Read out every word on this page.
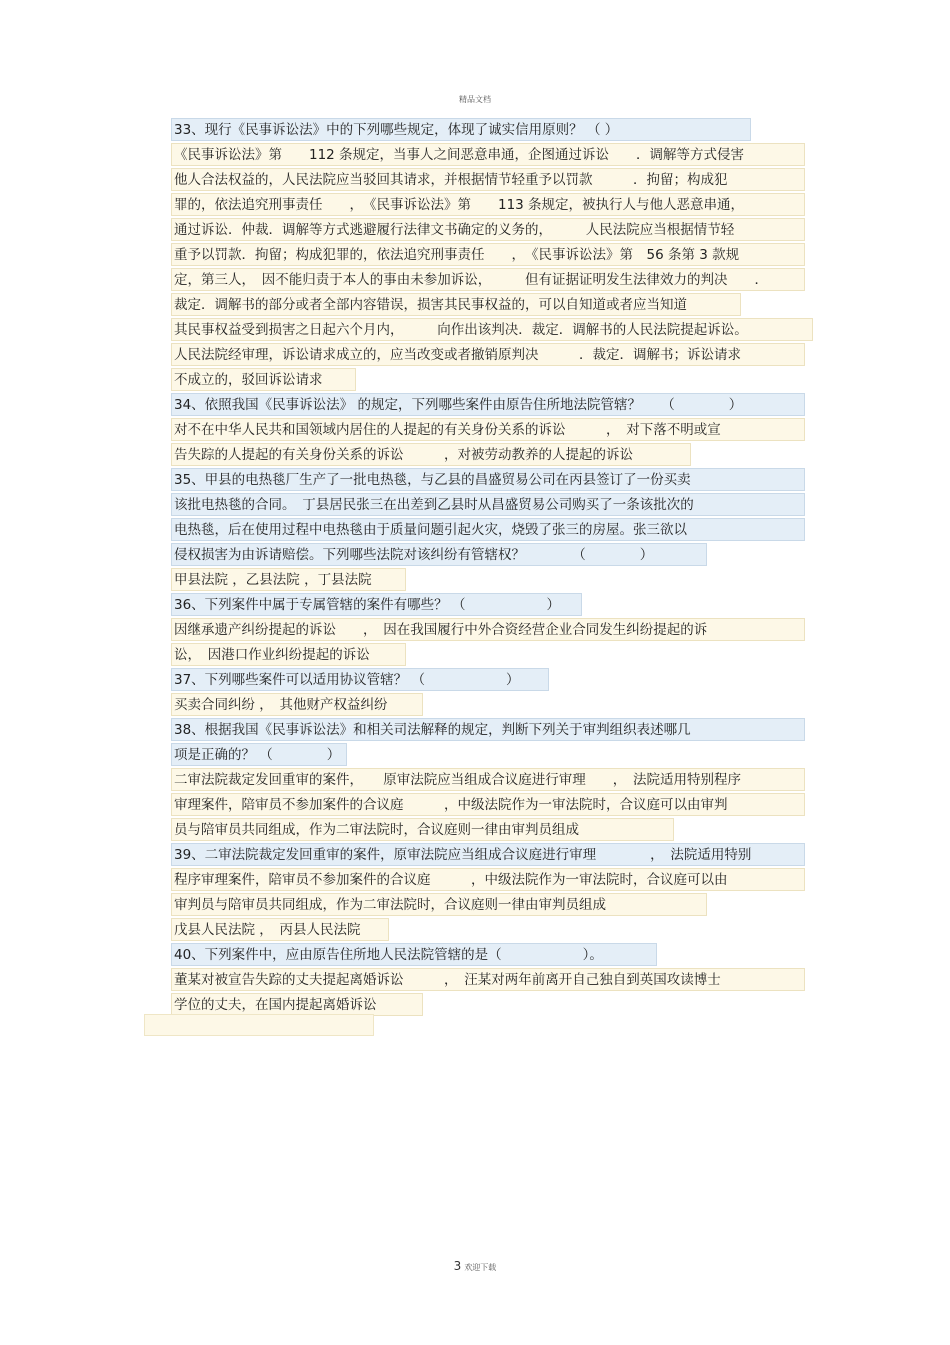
精品文档
33、现行《民事诉讼法》中的下列哪些规定，体现了诚实信用原则？ （ ）
《民事诉讼法》第　　112 条规定，当事人之间恶意串通，企图通过诉讼　　．调解等方式侵害
他人合法权益的，人民法院应当驳回其请求，并根据情节轻重予以罚款　　　．拘留；构成犯
罪的，依法追究刑事责任　　，　《民事诉讼法》第　　113 条规定，被执行人与他人恶意串通，
通过诉讼．仲裁．调解等方式逃避履行法律文书确定的义务的，　　　人民法院应当根据情节轻
重予以罚款．拘留；构成犯罪的，依法追究刑事责任　　，　《民事诉讼法》第　56 条第 3 款规
定，第三人，　因不能归责于本人的事由未参加诉讼，　　　但有证据证明发生法律效力的判决　　．
裁定．调解书的部分或者全部内容错误，损害其民事权益的，可以自知道或者应当知道
其民事权益受到损害之日起六个月内，　　　向作出该判决．裁定．调解书的人民法院提起诉讼。
人民法院经审理，诉讼请求成立的，应当改变或者撤销原判决　　　．裁定．调解书；诉讼请求
不成立的，驳回诉讼请求
34、依照我国《民事诉讼法》 的规定，下列哪些案件由原告住所地法院管辖？　　（　　　　）
对不在中华人民共和国领域内居住的人提起的有关身份关系的诉讼　　　，　对下落不明或宣
告失踪的人提起的有关身份关系的诉讼　　　，对被劳动教养的人提起的诉讼
35、甲县的电热毯厂生产了一批电热毯，与乙县的昌盛贸易公司在丙县签订了一份买卖
该批电热毯的合同。　丁县居民张三在出差到乙县时从昌盛贸易公司购买了一条该批次的
电热毯，后在使用过程中电热毯由于质量问题引起火灾，烧毁了张三的房屋。张三欲以
侵权损害为由诉请赔偿。下列哪些法院对该纠纷有管辖权？　　　　（　　　　）
甲县法院 ，乙县法院 ，丁县法院
36、下列案件中属于专属管辖的案件有哪些？ （　　　　　　）
因继承遗产纠纷提起的诉讼　　，　因在我国履行中外合资经营企业合同发生纠纷提起的诉
讼，　因港口作业纠纷提起的诉讼
37、下列哪些案件可以适用协议管辖？ （　　　　　　）
买卖合同纠纷 ，　其他财产权益纠纷
38、根据我国《民事诉讼法》和相关司法解释的规定，判断下列关于审判组织表述哪几
项是正确的？ （　　　　）
二审法院裁定发回重审的案件，　　原审法院应当组成合议庭进行审理　　，　法院适用特别程序
审理案件，陪审员不参加案件的合议庭　　　，中级法院作为一审法院时，合议庭可以由审判
员与陪审员共同组成，作为二审法院时，合议庭则一律由审判员组成
39、二审法院裁定发回重审的案件，原审法院应当组成合议庭进行审理　　　　，　法院适用特别
程序审理案件，陪审员不参加案件的合议庭　　　，中级法院作为一审法院时，合议庭可以由
审判员与陪审员共同组成，作为二审法院时，合议庭则一律由审判员组成
戊县人民法院 ，　丙县人民法院
40、下列案件中，应由原告住所地人民法院管辖的是（　　　　　　）。
董某对被宣告失踪的丈夫提起离婚诉讼　　　，　汪某对两年前离开自己独自到英国攻读博士
学位的丈夫，在国内提起离婚诉讼
3 欢迎下载
